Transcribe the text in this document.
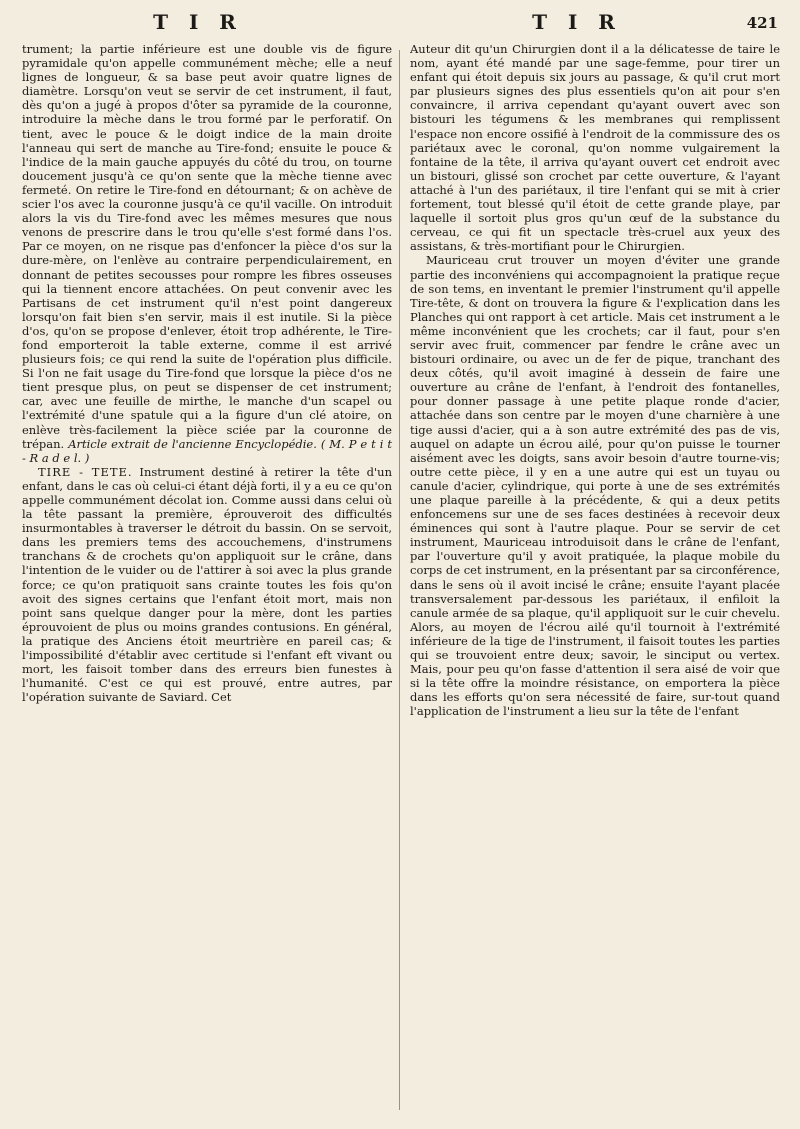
T I R	T I R	421

trument; la partie inférieure est une double vis de figure pyramidale qu'on appelle communément mèche; elle a neuf lignes de longueur, & sa base peut avoir quatre lignes de diamètre. Lorsqu'on veut se servir de cet instrument, il faut, dès qu'on a jugé à propos d'ôter sa pyramide de la couronne, introduire la mèche dans le trou formé par le perforatif. On tient, avec le pouce & le doigt indice de la main droite l'anneau qui sert de manche au Tire-fond; ensuite le pouce & l'indice de la main gauche appuyés du côté du trou, on tourne doucement jusqu'à ce qu'on sente que la mèche tienne avec fermeté. On retire le Tire-fond en détournant; & on achève de scier l'os avec la couronne jusqu'à ce qu'il vacille. On introduit alors la vis du Tire-fond avec les mêmes mesures que nous venons de prescrire dans le trou qu'elle s'est formé dans l'os. Par ce moyen, on ne risque pas d'enfoncer la pièce d'os sur la dure-mère, on l'enlève au contraire perpendiculairement, en donnant de petites secousses pour rompre les fibres osseuses qui la tiennent encore attachées. On peut convenir avec les Partisans de cet instrument qu'il n'est point dangereux lorsqu'on fait bien s'en servir, mais il est inutile. Si la pièce d'os, qu'on se propose d'enlever, étoit trop adhérente, le Tire-fond emporteroit la table externe, comme il est arrivé plusieurs fois; ce qui rend la suite de l'opération plus difficile. Si l'on ne fait usage du Tire-fond que lorsque la pièce d'os ne tient presque plus, on peut se dispenser de cet instrument; car, avec une feuille de mirthe, le manche d'un scapel ou l'extrémité d'une spatule qui a la figure d'un clé atoire, on enlève très-facilement la pièce sciée par la couronne de trépan. Article extrait de l'ancienne Encyclopédie. ( M. P e t i t - R a d e l. )

TIRE - TETE. Instrument destiné à retirer la tête d'un enfant, dans le cas où celui-ci étant déjà forti, il y a eu ce qu'on appelle communément décolat ion. Comme aussi dans celui où la tête passant la première, éprouveroit des difficultés insurmontables à traverser le détroit du bassin. On se servoit, dans les premiers tems des accouchemens, d'instrumens tranchans & de crochets qu'on appliquoit sur le crâne, dans l'intention de le vuider ou de l'attirer à soi avec la plus grande force; ce qu'on pratiquoit sans crainte toutes les fois qu'on avoit des signes certains que l'enfant étoit mort, mais non point sans quelque danger pour la mère, dont les parties éprouvoient de plus ou moins grandes contusions. En général, la pratique des Anciens étoit meurtrière en pareil cas; & l'impossibilité d'établir avec certitude si l'enfant eft vivant ou mort, les faisoit tomber dans des erreurs bien funestes à l'humanité. C'est ce qui est prouvé, entre autres, par l'opération suivante de Saviard. Cet

Auteur dit qu'un Chirurgien dont il a la délicatesse de taire le nom, ayant été mandé par une sage-femme, pour tirer un enfant qui étoit depuis six jours au passage, & qu'il crut mort par plusieurs signes des plus essentiels qu'on ait pour s'en convaincre, il arriva cependant qu'ayant ouvert avec son bistouri les tégumens & les membranes qui remplissent l'espace non encore ossifié à l'endroit de la commissure des os pariétaux avec le coronal, qu'on nomme vulgairement la fontaine de la tête, il arriva qu'ayant ouvert cet endroit avec un bistouri, glissé son crochet par cette ouverture, & l'ayant attaché à l'un des pariétaux, il tire l'enfant qui se mit à crier fortement, tout blessé qu'il étoit de cette grande playe, par laquelle il sortoit plus gros qu'un œuf de la substance du cerveau, ce qui fit un spectacle très-cruel aux yeux des assistans, & très-mortifiant pour le Chirurgien.

Mauriceau crut trouver un moyen d'éviter une grande partie des inconvéniens qui accompagnoient la pratique reçue de son tems, en inventant le premier l'instrument qu'il appelle Tire-tête, & dont on trouvera la figure & l'explication dans les Planches qui ont rapport à cet article. Mais cet instrument a le même inconvénient que les crochets; car il faut, pour s'en servir avec fruit, commencer par fendre le crâne avec un bistouri ordinaire, ou avec un de fer de pique, tranchant des deux côtés, qu'il avoit imaginé à dessein de faire une ouverture au crâne de l'enfant, à l'endroit des fontanelles, pour donner passage à une petite plaque ronde d'acier, attachée dans son centre par le moyen d'une charnière à une tige aussi d'acier, qui a à son autre extrémité des pas de vis, auquel on adapte un écrou ailé, pour qu'on puisse le tourner aisément avec les doigts, sans avoir besoin d'autre tourne-vis; outre cette pièce, il y en a une autre qui est un tuyau ou canule d'acier, cylindrique, qui porte à une de ses extrémités une plaque pareille à la précédente, & qui a deux petits enfoncemens sur une de ses faces destinées à recevoir deux éminences qui sont à l'autre plaque. Pour se servir de cet instrument, Mauriceau introduisoit dans le crâne de l'enfant, par l'ouverture qu'il y avoit pratiquée, la plaque mobile du corps de cet instrument, en la présentant par sa circonférence, dans le sens où il avoit incisé le crâne; ensuite l'ayant placée transversalement par-dessous les pariétaux, il enfiloit la canule armée de sa plaque, qu'il appliquoit sur le cuir chevelu. Alors, au moyen de l'écrou ailé qu'il tournoit à l'extrémité inférieure de la tige de l'instrument, il faisoit toutes les parties qui se trouvoient entre deux; savoir, le sinciput ou vertex. Mais, pour peu qu'on fasse d'attention il sera aisé de voir que si la tête offre la moindre résistance, on emportera la pièce dans les efforts qu'on sera nécessité de faire, sur-tout quand l'application de l'instrument a lieu sur la tête de l'enfant
